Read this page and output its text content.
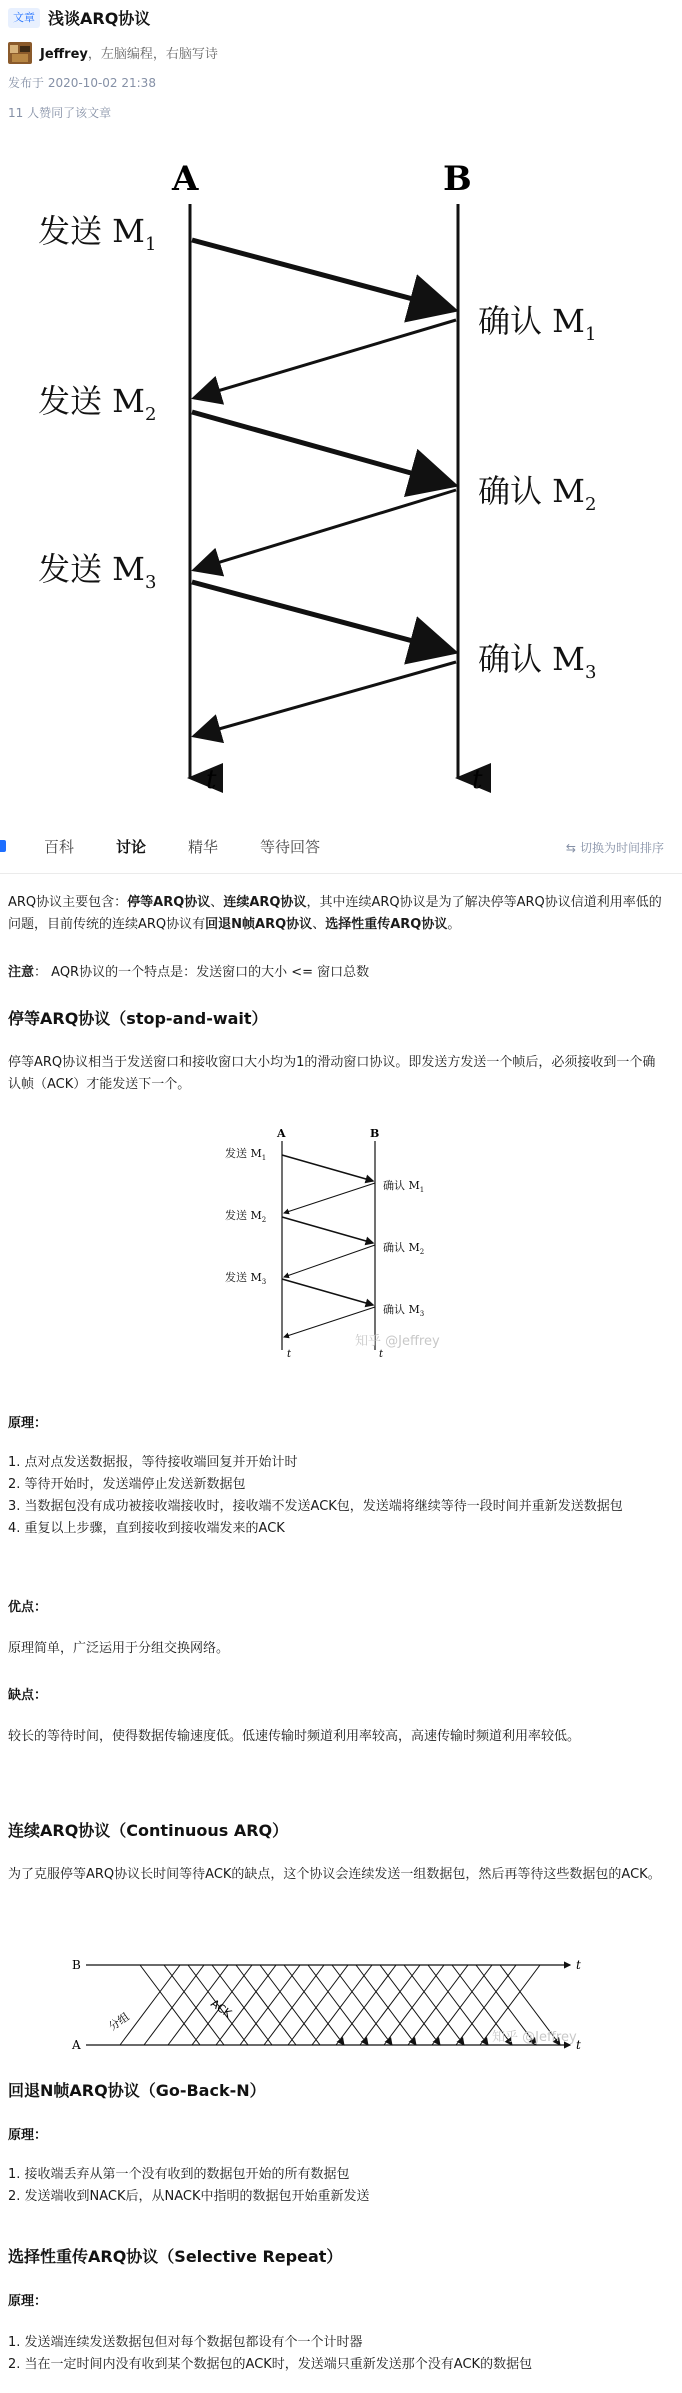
文章 浅谈ARQ协议
Jeffrey，左脑编程，右脑写诗
发布于 2020-10-02 21:38
11 人赞同了该文章
A	B
t	t
发送 $M_1$
发送 $M_2$
发送 $M_3$
确认 $M_1$
确认 $M_2$
确认 $M_3$
百科	讨论	精华	等待回答	⇆ 切换为时间排序
ARQ协议主要包含：停等ARQ协议、连续ARQ协议，其中连续ARQ协议是为了解决停等ARQ协议信道利用率低的问题，目前传统的连续ARQ协议有回退N帧ARQ协议、选择性重传ARQ协议。
注意： AQR协议的一个特点是：发送窗口的大小 <= 窗口总数
停等ARQ协议（stop-and-wait）
停等ARQ协议相当于发送窗口和接收窗口大小均为1的滑动窗口协议。即发送方发送一个帧后，必须接收到一个确认帧（ACK）才能发送下一个。
A	B
t	t
发送 $M_1$
发送 $M_2$
发送 $M_3$
确认 $M_1$
确认 $M_2$
确认 $M_3$
知乎 @Jeffrey
原理：
1. 点对点发送数据报，等待接收端回复并开始计时
2. 等待开始时，发送端停止发送新数据包
3. 当数据包没有成功被接收端接收时，接收端不发送ACK包，发送端将继续等待一段时间并重新发送数据包
4. 重复以上步骤，直到接收到接收端发来的ACK
优点：
原理简单，广泛运用于分组交换网络。
缺点：
较长的等待时间，使得数据传输速度低。低速传输时频道利用率较高，高速传输时频道利用率较低。
连续ARQ协议（Continuous ARQ）
为了克服停等ARQ协议长时间等待ACK的缺点，这个协议会连续发送一组数据包，然后再等待这些数据包的ACK。
B
A
t
t
分组
ACK
知乎 @Jeffrey
回退N帧ARQ协议（Go-Back-N）
原理：
1. 接收端丢弃从第一个没有收到的数据包开始的所有数据包
2. 发送端收到NACK后，从NACK中指明的数据包开始重新发送
选择性重传ARQ协议（Selective Repeat）
原理：
1. 发送端连续发送数据包但对每个数据包都设有个一个计时器
2. 当在一定时间内没有收到某个数据包的ACK时，发送端只重新发送那个没有ACK的数据包
